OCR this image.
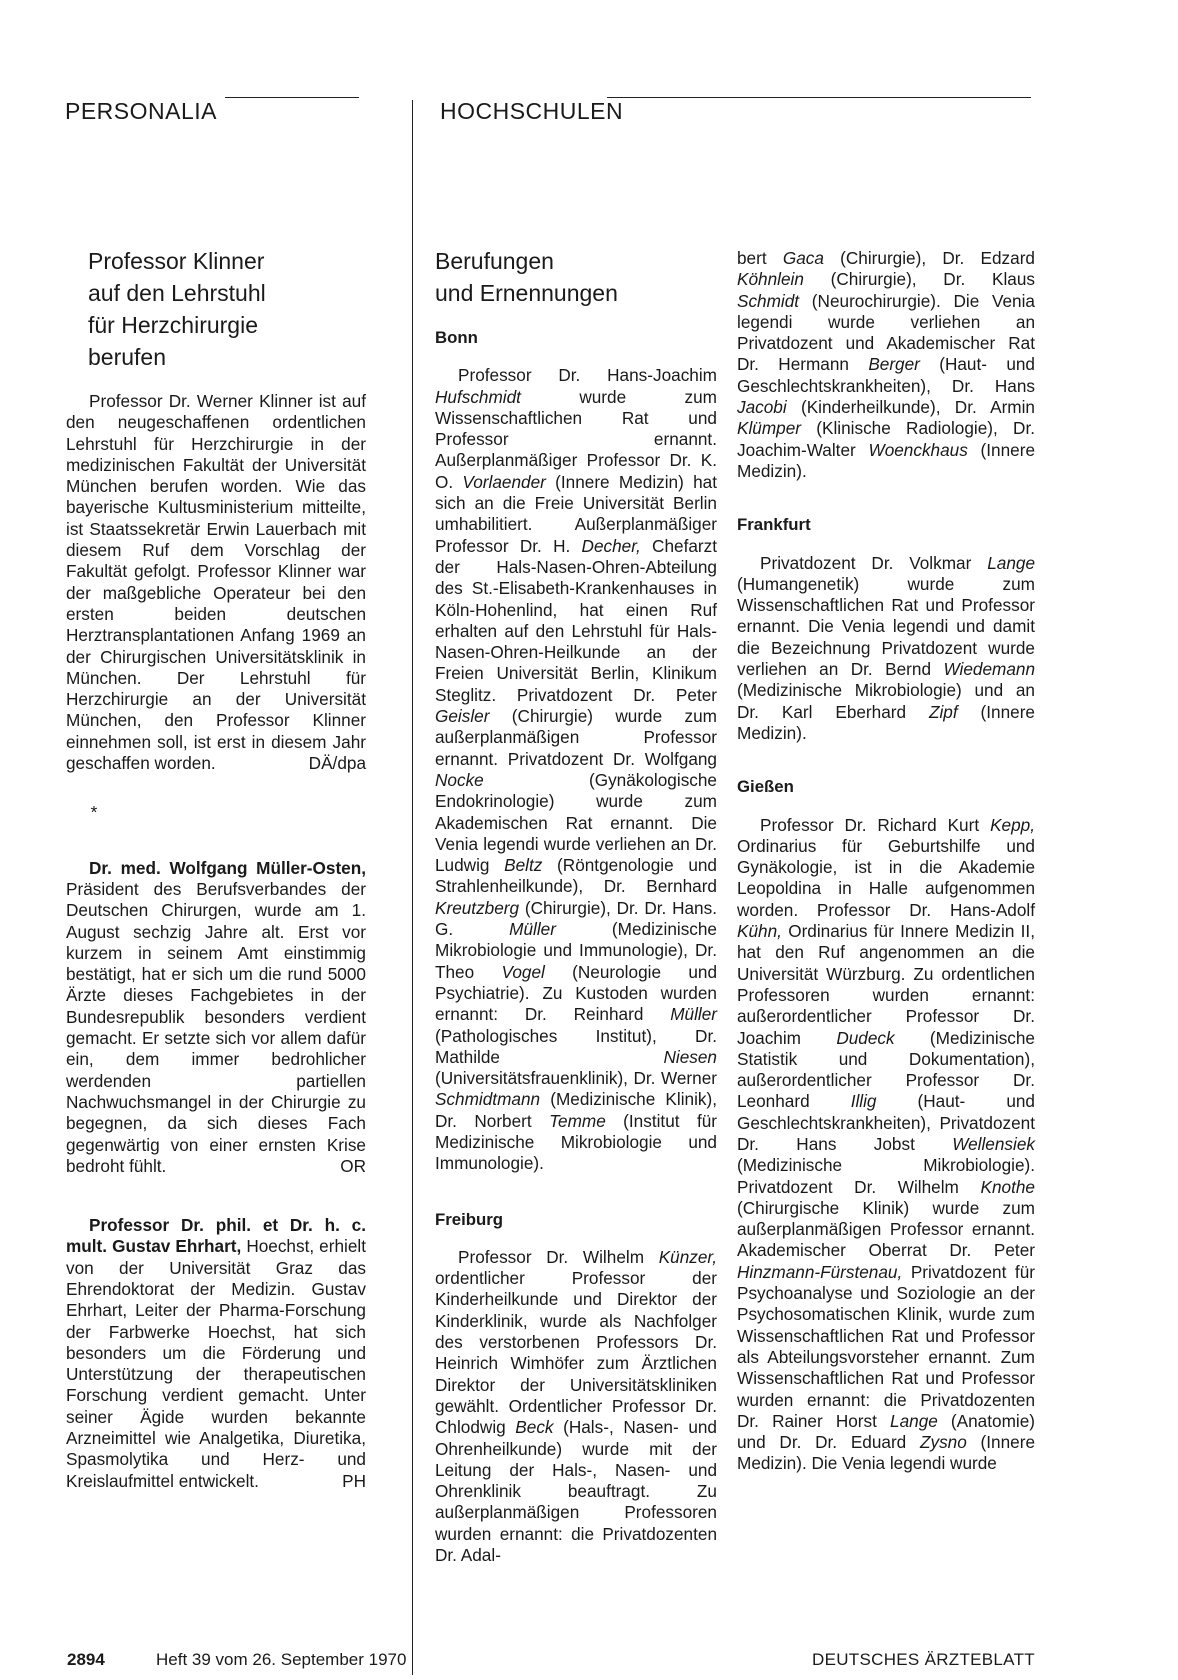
PERSONALIA	HOCHSCHULEN

Professor Klinner

auf den Lehrstuhl

für Herzchirurgie

berufen

Professor Dr. Werner Klinner ist auf den neugeschaffenen ordentlichen Lehrstuhl für Herzchirurgie in der medizinischen Fakultät der Universität München berufen worden. Wie das bayerische Kultusministerium mitteilte, ist Staatssekretär Erwin Lauerbach mit diesem Ruf dem Vorschlag der Fakultät gefolgt. Professor Klinner war der maßgebliche Operateur bei den ersten beiden deutschen Herztransplantationen Anfang 1969 an der Chirurgischen Universitätsklinik in München. Der Lehrstuhl für Herzchirurgie an der Universität München, den Professor Klinner einnehmen soll, ist erst in diesem Jahr geschaffen worden.	DÄ/dpa

*

Dr. med. Wolfgang Müller-Osten, Präsident des Berufsverbandes der Deutschen Chirurgen, wurde am 1. August sechzig Jahre alt. Erst vor kurzem in seinem Amt einstimmig bestätigt, hat er sich um die rund 5000 Ärzte dieses Fachgebietes in der Bundesrepublik besonders verdient gemacht. Er setzte sich vor allem dafür ein, dem immer bedrohlicher werdenden partiellen Nachwuchsmangel in der Chirurgie zu begegnen, da sich dieses Fach gegenwärtig von einer ernsten Krise bedroht fühlt.	OR

Professor Dr. phil. et Dr. h. c. mult. Gustav Ehrhart, Hoechst, erhielt von der Universität Graz das Ehrendoktorat der Medizin. Gustav Ehrhart, Leiter der Pharma-Forschung der Farbwerke Hoechst, hat sich besonders um die Förderung und Unterstützung der therapeutischen Forschung verdient gemacht. Unter seiner Ägide wurden bekannte Arzneimittel wie Analgetika, Diuretika, Spasmolytika und Herz- und Kreislaufmittel entwickelt.	PH

Berufungen

und Ernennungen

Bonn

Professor Dr. Hans-Joachim Hufschmidt wurde zum Wissenschaftlichen Rat und Professor ernannt. Außerplanmäßiger Professor Dr. K. O. Vorlaender (Innere Medizin) hat sich an die Freie Universität Berlin umhabilitiert. Außerplanmäßiger Professor Dr. H. Decher, Chefarzt der Hals-Nasen-Ohren-Abteilung des St.-Elisabeth-Krankenhauses in Köln-Hohenlind, hat einen Ruf erhalten auf den Lehrstuhl für Hals-Nasen-Ohren-Heilkunde an der Freien Universität Berlin, Klinikum Steglitz. Privatdozent Dr. Peter Geisler (Chirurgie) wurde zum außerplanmäßigen Professor ernannt. Privatdozent Dr. Wolfgang Nocke (Gynäkologische Endokrinologie) wurde zum Akademischen Rat ernannt. Die Venia legendi wurde verliehen an Dr. Ludwig Beltz (Röntgenologie und Strahlenheilkunde), Dr. Bernhard Kreutzberg (Chirurgie), Dr. Dr. Hans. G. Müller (Medizinische Mikrobiologie und Immunologie), Dr. Theo Vogel (Neurologie und Psychiatrie). Zu Kustoden wurden ernannt: Dr. Reinhard Müller (Pathologisches Institut), Dr. Mathilde Niesen (Universitätsfrauenklinik), Dr. Werner Schmidtmann (Medizinische Klinik), Dr. Norbert Temme (Institut für Medizinische Mikrobiologie und Immunologie).

Freiburg

Professor Dr. Wilhelm Künzer, ordentlicher Professor der Kinderheilkunde und Direktor der Kinderklinik, wurde als Nachfolger des verstorbenen Professors Dr. Heinrich Wimhöfer zum Ärztlichen Direktor der Universitätskliniken gewählt. Ordentlicher Professor Dr. Chlodwig Beck (Hals-, Nasen- und Ohrenheilkunde) wurde mit der Leitung der Hals-, Nasen- und Ohrenklinik beauftragt. Zu außerplanmäßigen Professoren wurden ernannt: die Privatdozenten Dr. Adal-

bert Gaca (Chirurgie), Dr. Edzard Köhnlein (Chirurgie), Dr. Klaus Schmidt (Neurochirurgie). Die Venia legendi wurde verliehen an Privatdozent und Akademischer Rat Dr. Hermann Berger (Haut- und Geschlechtskrankheiten), Dr. Hans Jacobi (Kinderheilkunde), Dr. Armin Klümper (Klinische Radiologie), Dr. Joachim-Walter Woenckhaus (Innere Medizin).

Frankfurt

Privatdozent Dr. Volkmar Lange (Humangenetik) wurde zum Wissenschaftlichen Rat und Professor ernannt. Die Venia legendi und damit die Bezeichnung Privatdozent wurde verliehen an Dr. Bernd Wiedemann (Medizinische Mikrobiologie) und an Dr. Karl Eberhard Zipf (Innere Medizin).

Gießen

Professor Dr. Richard Kurt Kepp, Ordinarius für Geburtshilfe und Gynäkologie, ist in die Akademie Leopoldina in Halle aufgenommen worden. Professor Dr. Hans-Adolf Kühn, Ordinarius für Innere Medizin II, hat den Ruf angenommen an die Universität Würzburg. Zu ordentlichen Professoren wurden ernannt: außerordentlicher Professor Dr. Joachim Dudeck (Medizinische Statistik und Dokumentation), außerordentlicher Professor Dr. Leonhard Illig (Haut- und Geschlechtskrankheiten), Privatdozent Dr. Hans Jobst Wellensiek (Medizinische Mikrobiologie). Privatdozent Dr. Wilhelm Knothe (Chirurgische Klinik) wurde zum außerplanmäßigen Professor ernannt. Akademischer Oberrat Dr. Peter Hinzmann-Fürstenau, Privatdozent für Psychoanalyse und Soziologie an der Psychosomatischen Klinik, wurde zum Wissenschaftlichen Rat und Professor als Abteilungsvorsteher ernannt. Zum Wissenschaftlichen Rat und Professor wurden ernannt: die Privatdozenten Dr. Rainer Horst Lange (Anatomie) und Dr. Dr. Eduard Zysno (Innere Medizin). Die Venia legendi wurde

2894	Heft 39 vom 26. September 1970	DEUTSCHES ÄRZTEBLATT
